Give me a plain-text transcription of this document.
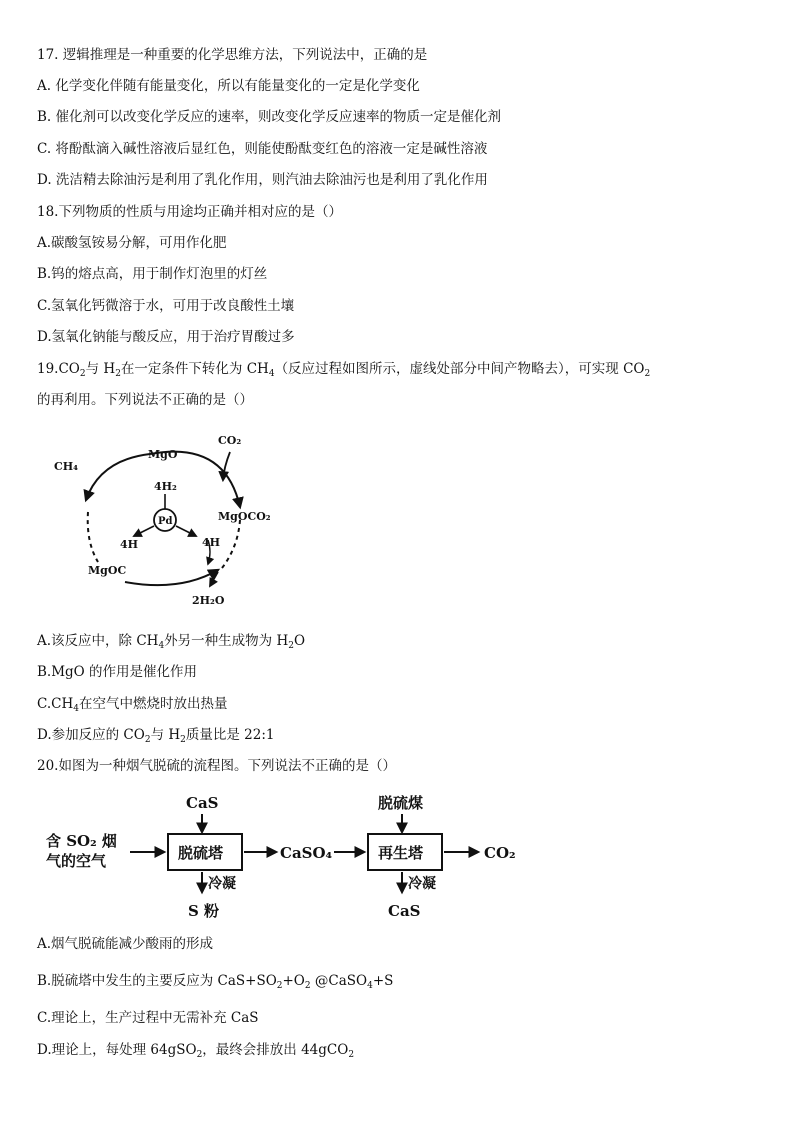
17. 逻辑推理是一种重要的化学思维方法，下列说法中，正确的是
A. 化学变化伴随有能量变化，所以有能量变化的一定是化学变化
B. 催化剂可以改变化学反应的速率，则改变化学反应速率的物质一定是催化剂
C. 将酚酞滴入碱性溶液后显红色，则能使酚酞变红色的溶液一定是碱性溶液
D. 洗洁精去除油污是利用了乳化作用，则汽油去除油污也是利用了乳化作用
18.下列物质的性质与用途均正确并相对应的是（）
A.碳酸氢铵易分解，可用作化肥
B.钨的熔点高，用于制作灯泡里的灯丝
C.氢氧化钙微溶于水，可用于改良酸性土壤
D.氢氧化钠能与酸反应，用于治疗胃酸过多
$19.CO_2$与 $H_2$在一定条件下转化为 $CH_4$（反应过程如图所示，虚线处部分中间产物略去），可实现 $CO_2$
的再利用。下列说法不正确的是（）
CH₄
MgO
CO₂
4H₂
Pd	MgOCO₂
4H	4H
MgOC
2H₂O
A.该反应中，除 $CH_4$外另一种生成物为 $H_2O$
B.MgO 的作用是催化作用
$C.CH_4$在空气中燃烧时放出热量
D.参加反应的 $CO_2$与 $H_2$质量比是 22:1
20.如图为一种烟气脱硫的流程图。下列说法不正确的是（）
含 SO₂ 烟
气的空气
CaS
脱硫塔	CaSO₄
脱硫煤
再生塔	CO₂
冷凝
S 粉
冷凝
CaS
A.烟气脱硫能减少酸雨的形成
B.脱硫塔中发生的主要反应为 $CaS+SO_2+O_2$ @CaSO$_4$+S
C.理论上，生产过程中无需补充 CaS
D.理论上，每处理 64gSO$_2$，最终会排放出 44gCO$_2$
